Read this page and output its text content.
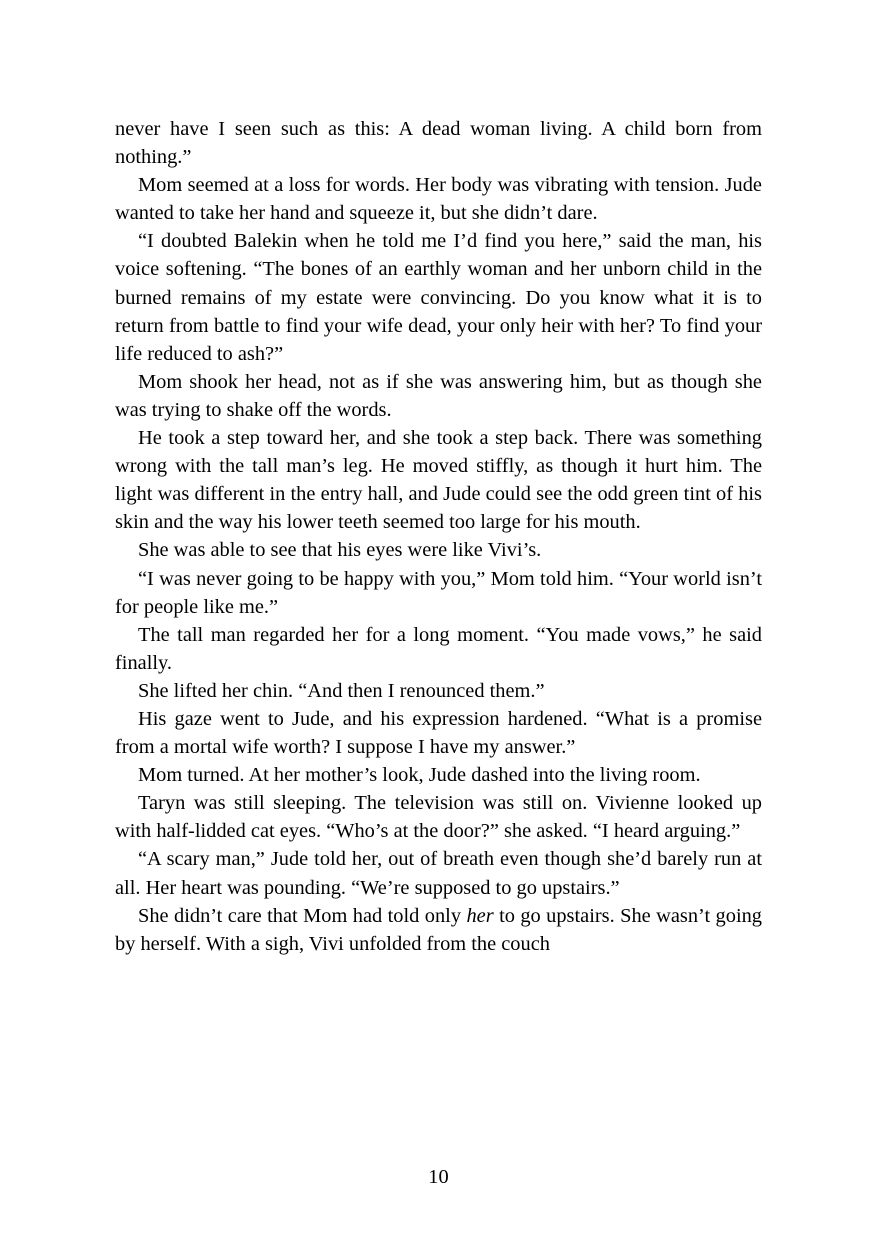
never have I seen such as this: A dead woman living. A child born from nothing.”

Mom seemed at a loss for words. Her body was vibrating with tension. Jude wanted to take her hand and squeeze it, but she didn’t dare.

“I doubted Balekin when he told me I’d find you here,” said the man, his voice softening. “The bones of an earthly woman and her unborn child in the burned remains of my estate were convincing. Do you know what it is to return from battle to find your wife dead, your only heir with her? To find your life reduced to ash?”

Mom shook her head, not as if she was answering him, but as though she was trying to shake off the words.

He took a step toward her, and she took a step back. There was something wrong with the tall man’s leg. He moved stiffly, as though it hurt him. The light was different in the entry hall, and Jude could see the odd green tint of his skin and the way his lower teeth seemed too large for his mouth.

She was able to see that his eyes were like Vivi’s.

“I was never going to be happy with you,” Mom told him. “Your world isn’t for people like me.”

The tall man regarded her for a long moment. “You made vows,” he said finally.

She lifted her chin. “And then I renounced them.”

His gaze went to Jude, and his expression hardened. “What is a promise from a mortal wife worth? I suppose I have my answer.”

Mom turned. At her mother’s look, Jude dashed into the living room.

Taryn was still sleeping. The television was still on. Vivienne looked up with half-lidded cat eyes. “Who’s at the door?” she asked. “I heard arguing.”

“A scary man,” Jude told her, out of breath even though she’d barely run at all. Her heart was pounding. “We’re supposed to go upstairs.”

She didn’t care that Mom had told only her to go upstairs. She wasn’t going by herself. With a sigh, Vivi unfolded from the couch

10
